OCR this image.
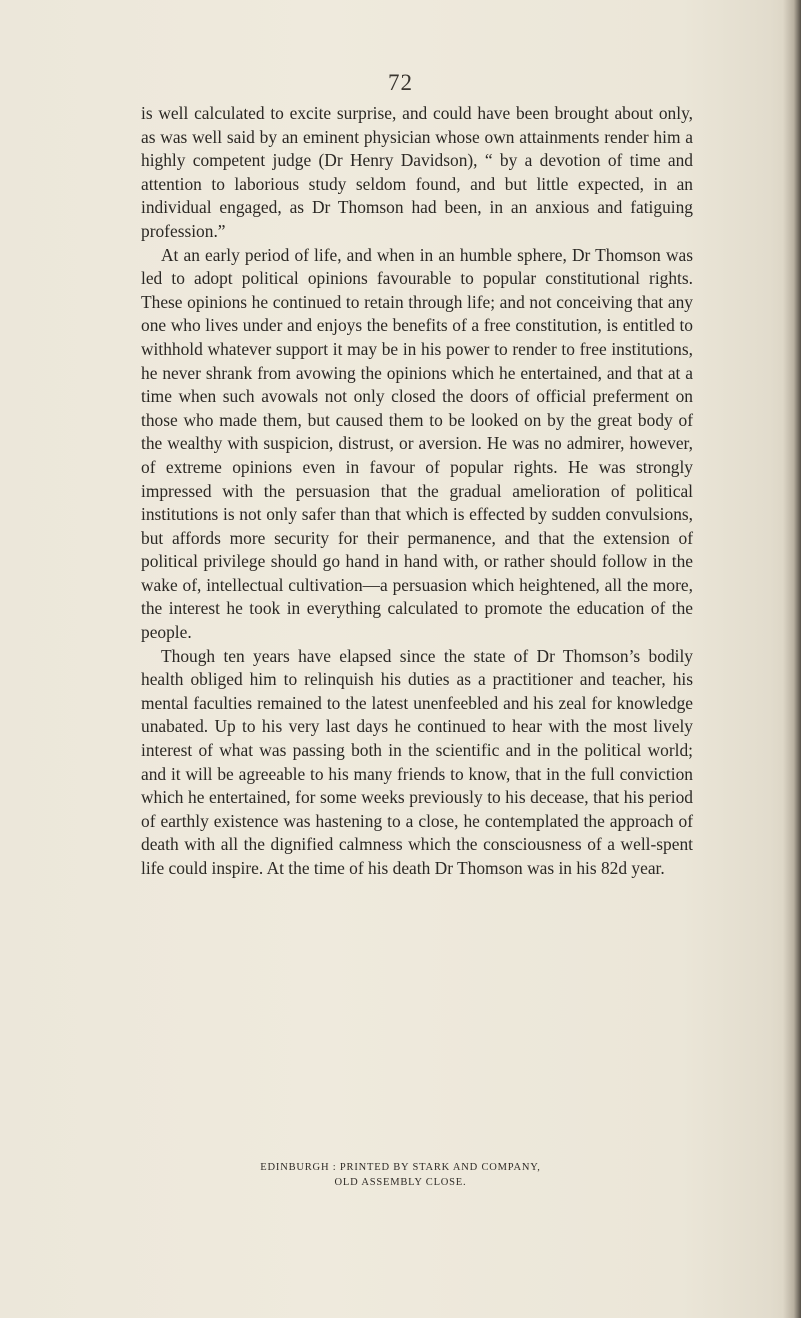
72

is well calculated to excite surprise, and could have been brought about only, as was well said by an eminent physician whose own attainments render him a highly competent judge (Dr Henry Davidson), “ by a devotion of time and attention to laborious study seldom found, and but little expected, in an individual engaged, as Dr Thomson had been, in an anxious and fatiguing profession.”

At an early period of life, and when in an humble sphere, Dr Thomson was led to adopt political opinions favourable to popular constitutional rights. These opinions he continued to retain through life; and not conceiving that any one who lives under and enjoys the benefits of a free constitution, is entitled to withhold whatever support it may be in his power to render to free institutions, he never shrank from avowing the opinions which he entertained, and that at a time when such avowals not only closed the doors of official preferment on those who made them, but caused them to be looked on by the great body of the wealthy with suspicion, distrust, or aversion. He was no admirer, however, of extreme opinions even in favour of popular rights. He was strongly impressed with the persuasion that the gradual amelioration of political institutions is not only safer than that which is effected by sudden convulsions, but affords more security for their permanence, and that the extension of political privilege should go hand in hand with, or rather should follow in the wake of, intellectual cultivation—a persuasion which heightened, all the more, the interest he took in everything calculated to promote the education of the people.

Though ten years have elapsed since the state of Dr Thomson’s bodily health obliged him to relinquish his duties as a practitioner and teacher, his mental faculties remained to the latest unenfeebled and his zeal for knowledge unabated. Up to his very last days he continued to hear with the most lively interest of what was passing both in the scientific and in the political world; and it will be agreeable to his many friends to know, that in the full conviction which he entertained, for some weeks previously to his decease, that his period of earthly existence was hastening to a close, he contemplated the approach of death with all the dignified calmness which the consciousness of a well-spent life could inspire. At the time of his death Dr Thomson was in his 82d year.

EDINBURGH : PRINTED BY STARK AND COMPANY,
OLD ASSEMBLY CLOSE.
